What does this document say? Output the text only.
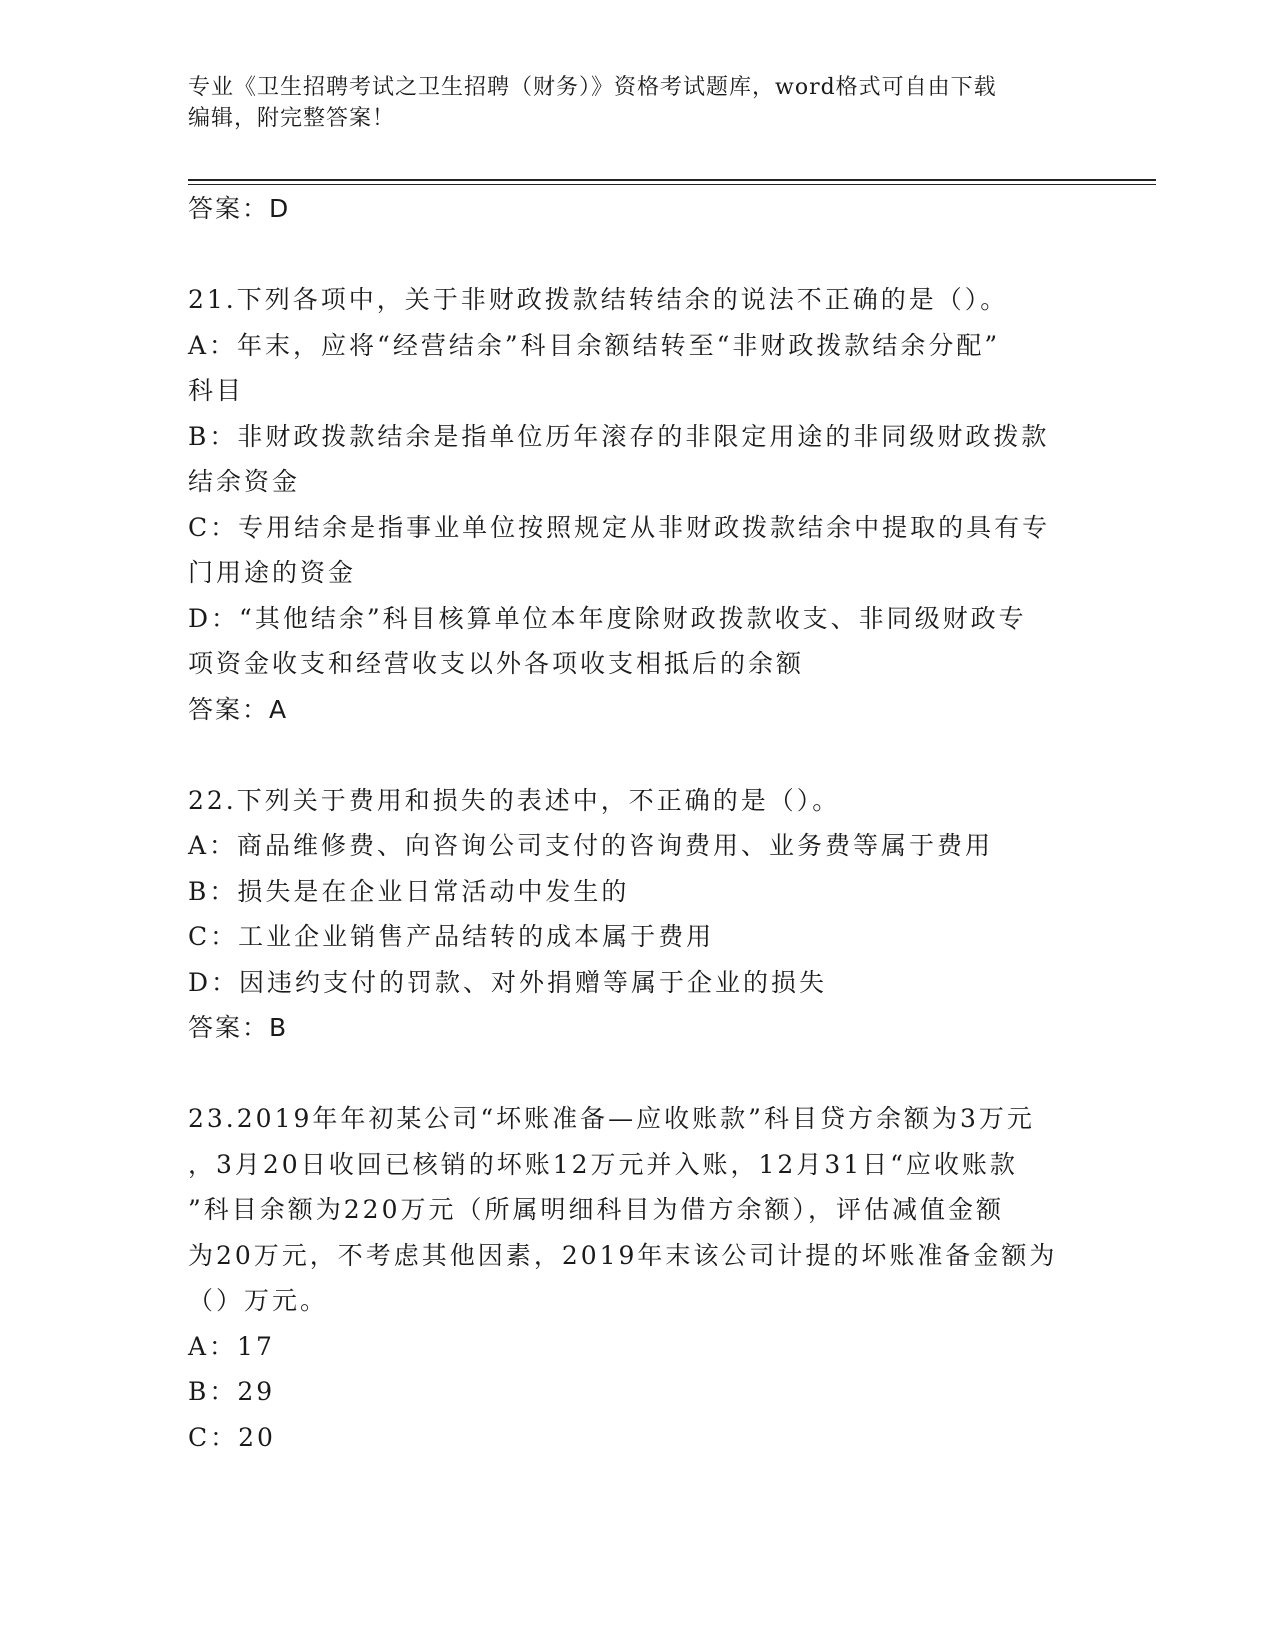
专业《卫生招聘考试之卫生招聘（财务）》资格考试题库，word格式可自由下载
编辑，附完整答案！
答案：D
21.下列各项中，关于非财政拨款结转结余的说法不正确的是（）。
A：年末，应将“经营结余”科目余额结转至“非财政拨款结余分配”
科目
B：非财政拨款结余是指单位历年滚存的非限定用途的非同级财政拨款
结余资金
C：专用结余是指事业单位按照规定从非财政拨款结余中提取的具有专
门用途的资金
D：“其他结余”科目核算单位本年度除财政拨款收支、非同级财政专
项资金收支和经营收支以外各项收支相抵后的余额
答案：A
22.下列关于费用和损失的表述中，不正确的是（）。
A：商品维修费、向咨询公司支付的咨询费用、业务费等属于费用
B：损失是在企业日常活动中发生的
C：工业企业销售产品结转的成本属于费用
D：因违约支付的罚款、对外捐赠等属于企业的损失
答案：B
23.2019年年初某公司“坏账准备—应收账款”科目贷方余额为3万元
，3月20日收回已核销的坏账12万元并入账，12月31日“应收账款
”科目余额为220万元（所属明细科目为借方余额），评估减值金额
为20万元，不考虑其他因素，2019年末该公司计提的坏账准备金额为
（）万元。
A：17
B：29
C：20
